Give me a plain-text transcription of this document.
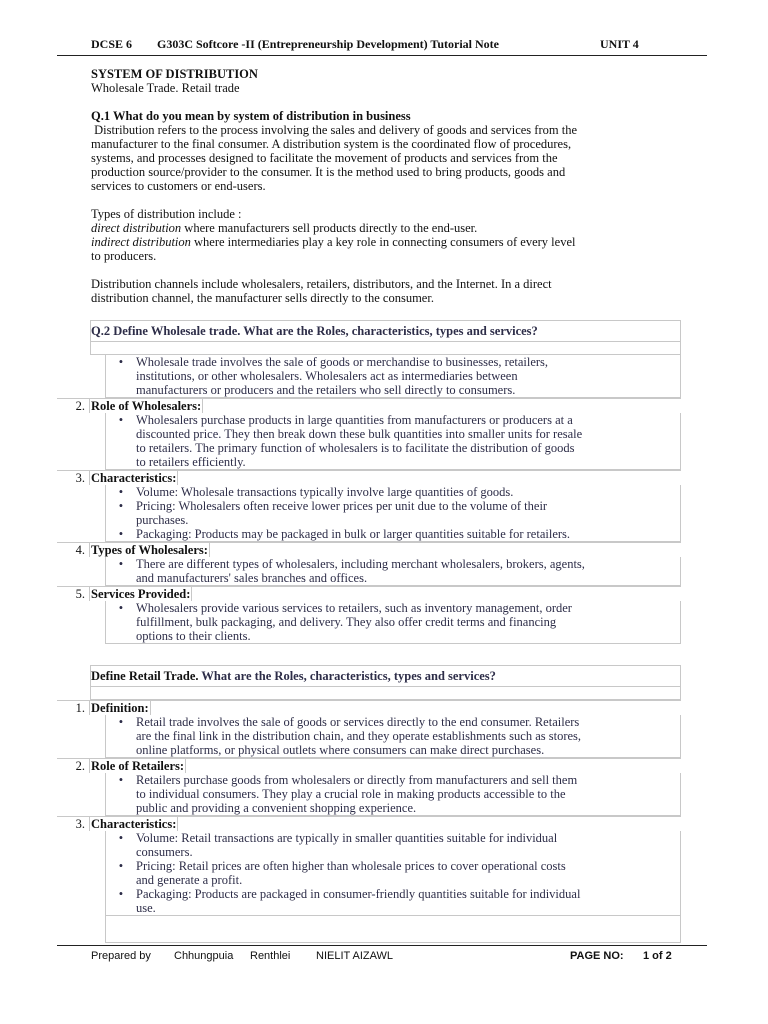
DCSE 6 G303C Softcore -II (Entrepreneurship Development) Tutorial Note	UNIT 4

SYSTEM OF DISTRIBUTION

Wholesale Trade. Retail trade

Q.1 What do you mean by system of distribution in business

Distribution refers to the process involving the sales and delivery of goods and services from the

manufacturer to the final consumer. A distribution system is the coordinated flow of procedures,

systems, and processes designed to facilitate the movement of products and services from the

production source/provider to the consumer. It is the method used to bring products, goods and

services to customers or end-users.

Types of distribution include :

direct distribution where manufacturers sell products directly to the end-user.

indirect distribution where intermediaries play a key role in connecting consumers of every level

to producers.

Distribution channels include wholesalers, retailers, distributors, and the Internet. In a direct

distribution channel, the manufacturer sells directly to the consumer.

Q.2 Define Wholesale trade. What are the Roles, characteristics, types and services?
•	Wholesale trade involves the sale of goods or merchandise to businesses, retailers,
institutions, or other wholesalers. Wholesalers act as intermediaries between
manufacturers or producers and the retailers who sell directly to consumers.
2. Role of Wholesalers:
•	Wholesalers purchase products in large quantities from manufacturers or producers at a
discounted price. They then break down these bulk quantities into smaller units for resale
to retailers. The primary function of wholesalers is to facilitate the distribution of goods
to retailers efficiently.
3. Characteristics:
•	Volume: Wholesale transactions typically involve large quantities of goods.
•	Pricing: Wholesalers often receive lower prices per unit due to the volume of their
purchases.
•	Packaging: Products may be packaged in bulk or larger quantities suitable for retailers.
4. Types of Wholesalers:
•	There are different types of wholesalers, including merchant wholesalers, brokers, agents,
and manufacturers' sales branches and offices.
5. Services Provided:
•	Wholesalers provide various services to retailers, such as inventory management, order
fulfillment, bulk packaging, and delivery. They also offer credit terms and financing
options to their clients.
Define Retail Trade. What are the Roles, characteristics, types and services?
1. Definition:
•	Retail trade involves the sale of goods or services directly to the end consumer. Retailers
are the final link in the distribution chain, and they operate establishments such as stores,
online platforms, or physical outlets where consumers can make direct purchases.
2. Role of Retailers:
•	Retailers purchase goods from wholesalers or directly from manufacturers and sell them
to individual consumers. They play a crucial role in making products accessible to the
public and providing a convenient shopping experience.
3. Characteristics:
•	Volume: Retail transactions are typically in smaller quantities suitable for individual
consumers.
•	Pricing: Retail prices are often higher than wholesale prices to cover operational costs
and generate a profit.
•	Packaging: Products are packaged in consumer-friendly quantities suitable for individual
use.
Prepared by Chhungpuia Renthlei NIELIT AIZAWL	PAGE NO: 1 of 2
